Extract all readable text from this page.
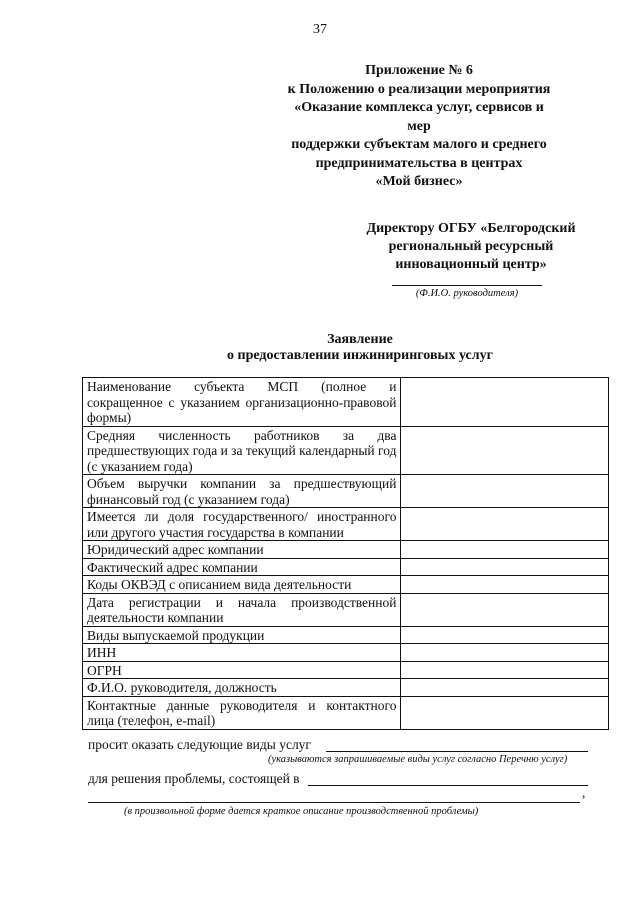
37
Приложение № 6
к Положению о реализации мероприятия
«Оказание комплекса услуг, сервисов и мер
поддержки субъектам малого и среднего
предпринимательства в центрах
«Мой бизнес»
Директору ОГБУ «Белгородский
региональный ресурсный
инновационный центр»
(Ф.И.О. руководителя)
Заявление
о предоставлении инжиниринговых услуг
Наименование субъекта МСП (полное и сокращенное с указанием организационно-правовой формы)	
Средняя численность работников за два предшествующих года и за текущий календарный год (с указанием года)	
Объем выручки компании за предшествующий финансовый год (с указанием года)	
Имеется ли доля государственного/ иностранного или другого участия государства в компании	
Юридический адрес компании	
Фактический адрес компании	
Коды ОКВЭД с описанием вида деятельности	
Дата регистрации и начала производственной деятельности компании	
Виды выпускаемой продукции	
ИНН	
ОГРН	
Ф.И.О. руководителя, должность	
Контактные данные руководителя и контактного лица (телефон, e-mail)	
просит оказать следующие виды услуг
(указываются запрашиваемые виды услуг согласно Перечню услуг)
для решения проблемы, состоящей в
,
(в произвольной форме дается краткое описание производственной проблемы)
